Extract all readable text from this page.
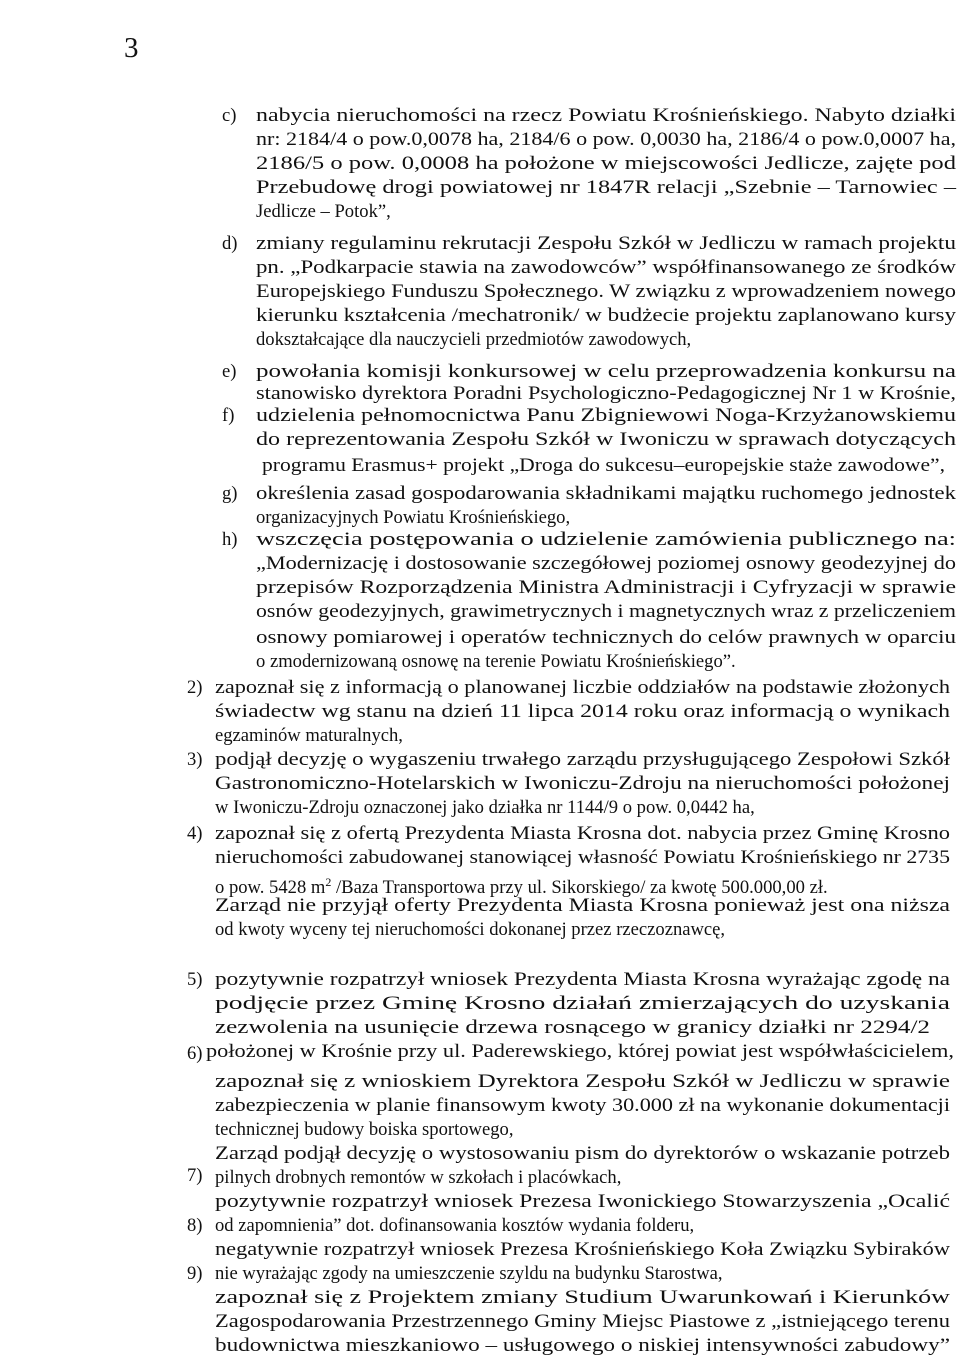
3
c)
d)
e)
f)
g)
h)
2)
3)
4)
5)
6)
7)
8)
9)
nabycia nieruchomości na rzecz Powiatu Krośnieńskiego. Nabyto działki
nr: 2184/4 o pow.0,0078 ha, 2184/6 o pow. 0,0030 ha, 2186/4 o pow.0,0007 ha,
2186/5 o pow. 0,0008 ha położone w miejscowości Jedlicze, zajęte pod
Przebudowę drogi powiatowej nr 1847R relacji „Szebnie – Tarnowiec –
Jedlicze – Potok”,
zmiany regulaminu rekrutacji Zespołu Szkół w Jedliczu w ramach projektu
pn. „Podkarpacie stawia na zawodowców” współfinansowanego ze środków
Europejskiego Funduszu Społecznego. W związku z wprowadzeniem nowego
kierunku kształcenia /mechatronik/ w budżecie projektu zaplanowano kursy
dokształcające dla nauczycieli przedmiotów zawodowych,
powołania komisji konkursowej w celu przeprowadzenia konkursu na
stanowisko dyrektora Poradni Psychologiczno-Pedagogicznej Nr 1 w Krośnie,
udzielenia pełnomocnictwa Panu Zbigniewowi Noga-Krzyżanowskiemu
do reprezentowania Zespołu Szkół w Iwoniczu w sprawach dotyczących
programu Erasmus+ projekt „Droga do sukcesu–europejskie staże zawodowe”,
określenia zasad gospodarowania składnikami majątku ruchomego jednostek
organizacyjnych Powiatu Krośnieńskiego,
wszczęcia postępowania o udzielenie zamówienia publicznego na:
„Modernizację i dostosowanie szczegółowej poziomej osnowy geodezyjnej do
przepisów Rozporządzenia Ministra Administracji i Cyfryzacji w sprawie
osnów geodezyjnych, grawimetrycznych i magnetycznych wraz z przeliczeniem
osnowy pomiarowej i operatów technicznych do celów prawnych w oparciu
o zmodernizowaną osnowę na terenie Powiatu Krośnieńskiego”.
zapoznał się z informacją o planowanej liczbie oddziałów na podstawie złożonych
świadectw wg stanu na dzień 11 lipca 2014 roku oraz informacją o wynikach
egzaminów maturalnych,
podjął decyzję o wygaszeniu trwałego zarządu przysługującego Zespołowi Szkół
Gastronomiczno-Hotelarskich w Iwoniczu-Zdroju na nieruchomości położonej
w Iwoniczu-Zdroju oznaczonej jako działka nr 1144/9 o pow. 0,0442 ha,
zapoznał się z ofertą Prezydenta Miasta Krosna dot. nabycia przez Gminę Krosno
nieruchomości zabudowanej stanowiącej własność Powiatu Krośnieńskiego nr 2735
o pow. 5428 $m^2$ /Baza Transportowa przy ul. Sikorskiego/ za kwotę 500.000,00 zł.
Zarząd nie przyjął oferty Prezydenta Miasta Krosna ponieważ jest ona niższa
od kwoty wyceny tej nieruchomości dokonanej przez rzeczoznawcę,
pozytywnie rozpatrzył wniosek Prezydenta Miasta Krosna wyrażając zgodę na
podjęcie przez Gminę Krosno działań zmierzających do uzyskania
zezwolenia na usunięcie drzewa rosnącego w granicy działki nr 2294/2
położonej w Krośnie przy ul. Paderewskiego, której powiat jest współwłaścicielem,
zapoznał się z wnioskiem Dyrektora Zespołu Szkół w Jedliczu w sprawie
zabezpieczenia w planie finansowym kwoty 30.000 zł na wykonanie dokumentacji
technicznej budowy boiska sportowego,
Zarząd podjął decyzję o wystosowaniu pism do dyrektorów o wskazanie potrzeb
pilnych drobnych remontów w szkołach i placówkach,
pozytywnie rozpatrzył wniosek Prezesa Iwonickiego Stowarzyszenia „Ocalić
od zapomnienia” dot. dofinansowania kosztów wydania folderu,
negatywnie rozpatrzył wniosek Prezesa Krośnieńskiego Koła Związku Sybiraków
nie wyrażając zgody na umieszczenie szyldu na budynku Starostwa,
zapoznał się z Projektem zmiany Studium Uwarunkowań i Kierunków
Zagospodarowania Przestrzennego Gminy Miejsc Piastowe z „istniejącego terenu
budownictwa mieszkaniowo – usługowego o niskiej intensywności zabudowy”
